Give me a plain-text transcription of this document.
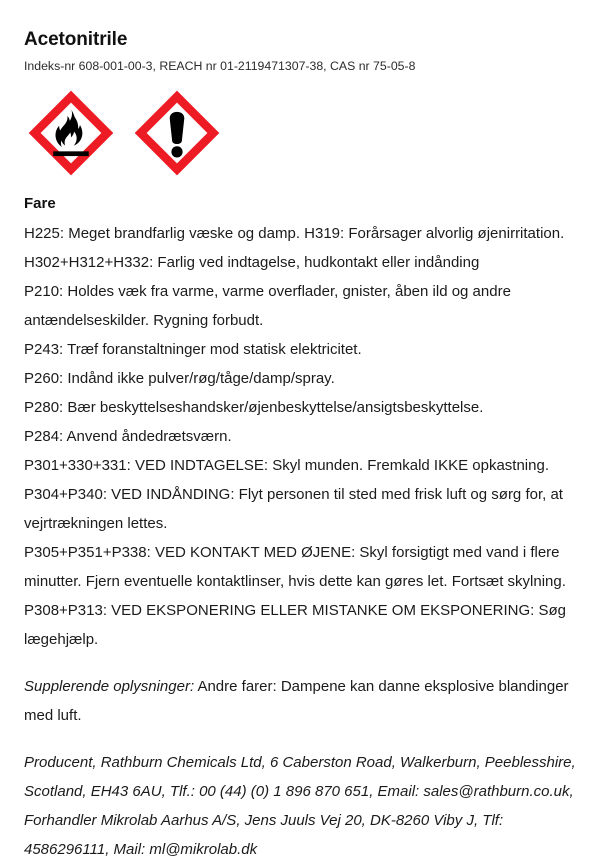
Acetonitrile

Indeks-nr 608-001-00-3, REACH nr 01-2119471307-38, CAS nr 75-05-8

Fare

H225: Meget brandfarlig væske og damp. H319: Forårsager alvorlig øjenirritation. H302+H312+H332: Farlig ved indtagelse, hudkontakt eller indånding

P210: Holdes væk fra varme, varme overflader, gnister, åben ild og andre antændelseskilder. Rygning forbudt.

P243: Træf foranstaltninger mod statisk elektricitet.

P260: Indånd ikke pulver/røg/tåge/damp/spray.

P280: Bær beskyttelseshandsker/øjenbeskyttelse/ansigtsbeskyttelse.

P284: Anvend åndedrætsværn.

P301+330+331: VED INDTAGELSE: Skyl munden. Fremkald IKKE opkastning.

P304+P340: VED INDÅNDING: Flyt personen til sted med frisk luft og sørg for, at vejrtrækningen lettes.

P305+P351+P338: VED KONTAKT MED ØJENE: Skyl forsigtigt med vand i flere minutter. Fjern eventuelle kontaktlinser, hvis dette kan gøres let. Fortsæt skylning.

P308+P313: VED EKSPONERING ELLER MISTANKE OM EKSPONERING: Søg lægehjælp.

Supplerende oplysninger: Andre farer: Dampene kan danne eksplosive blandinger med luft.

Producent, Rathburn Chemicals Ltd, 6 Caberston Road, Walkerburn, Peeblesshire, Scotland, EH43 6AU, Tlf.: 00 (44) (0) 1 896 870 651, Email: sales@rathburn.co.uk, Forhandler Mikrolab Aarhus A/S, Jens Juuls Vej 20, DK-8260 Viby J, Tlf: 4586296111, Mail: ml@mikrolab.dk
